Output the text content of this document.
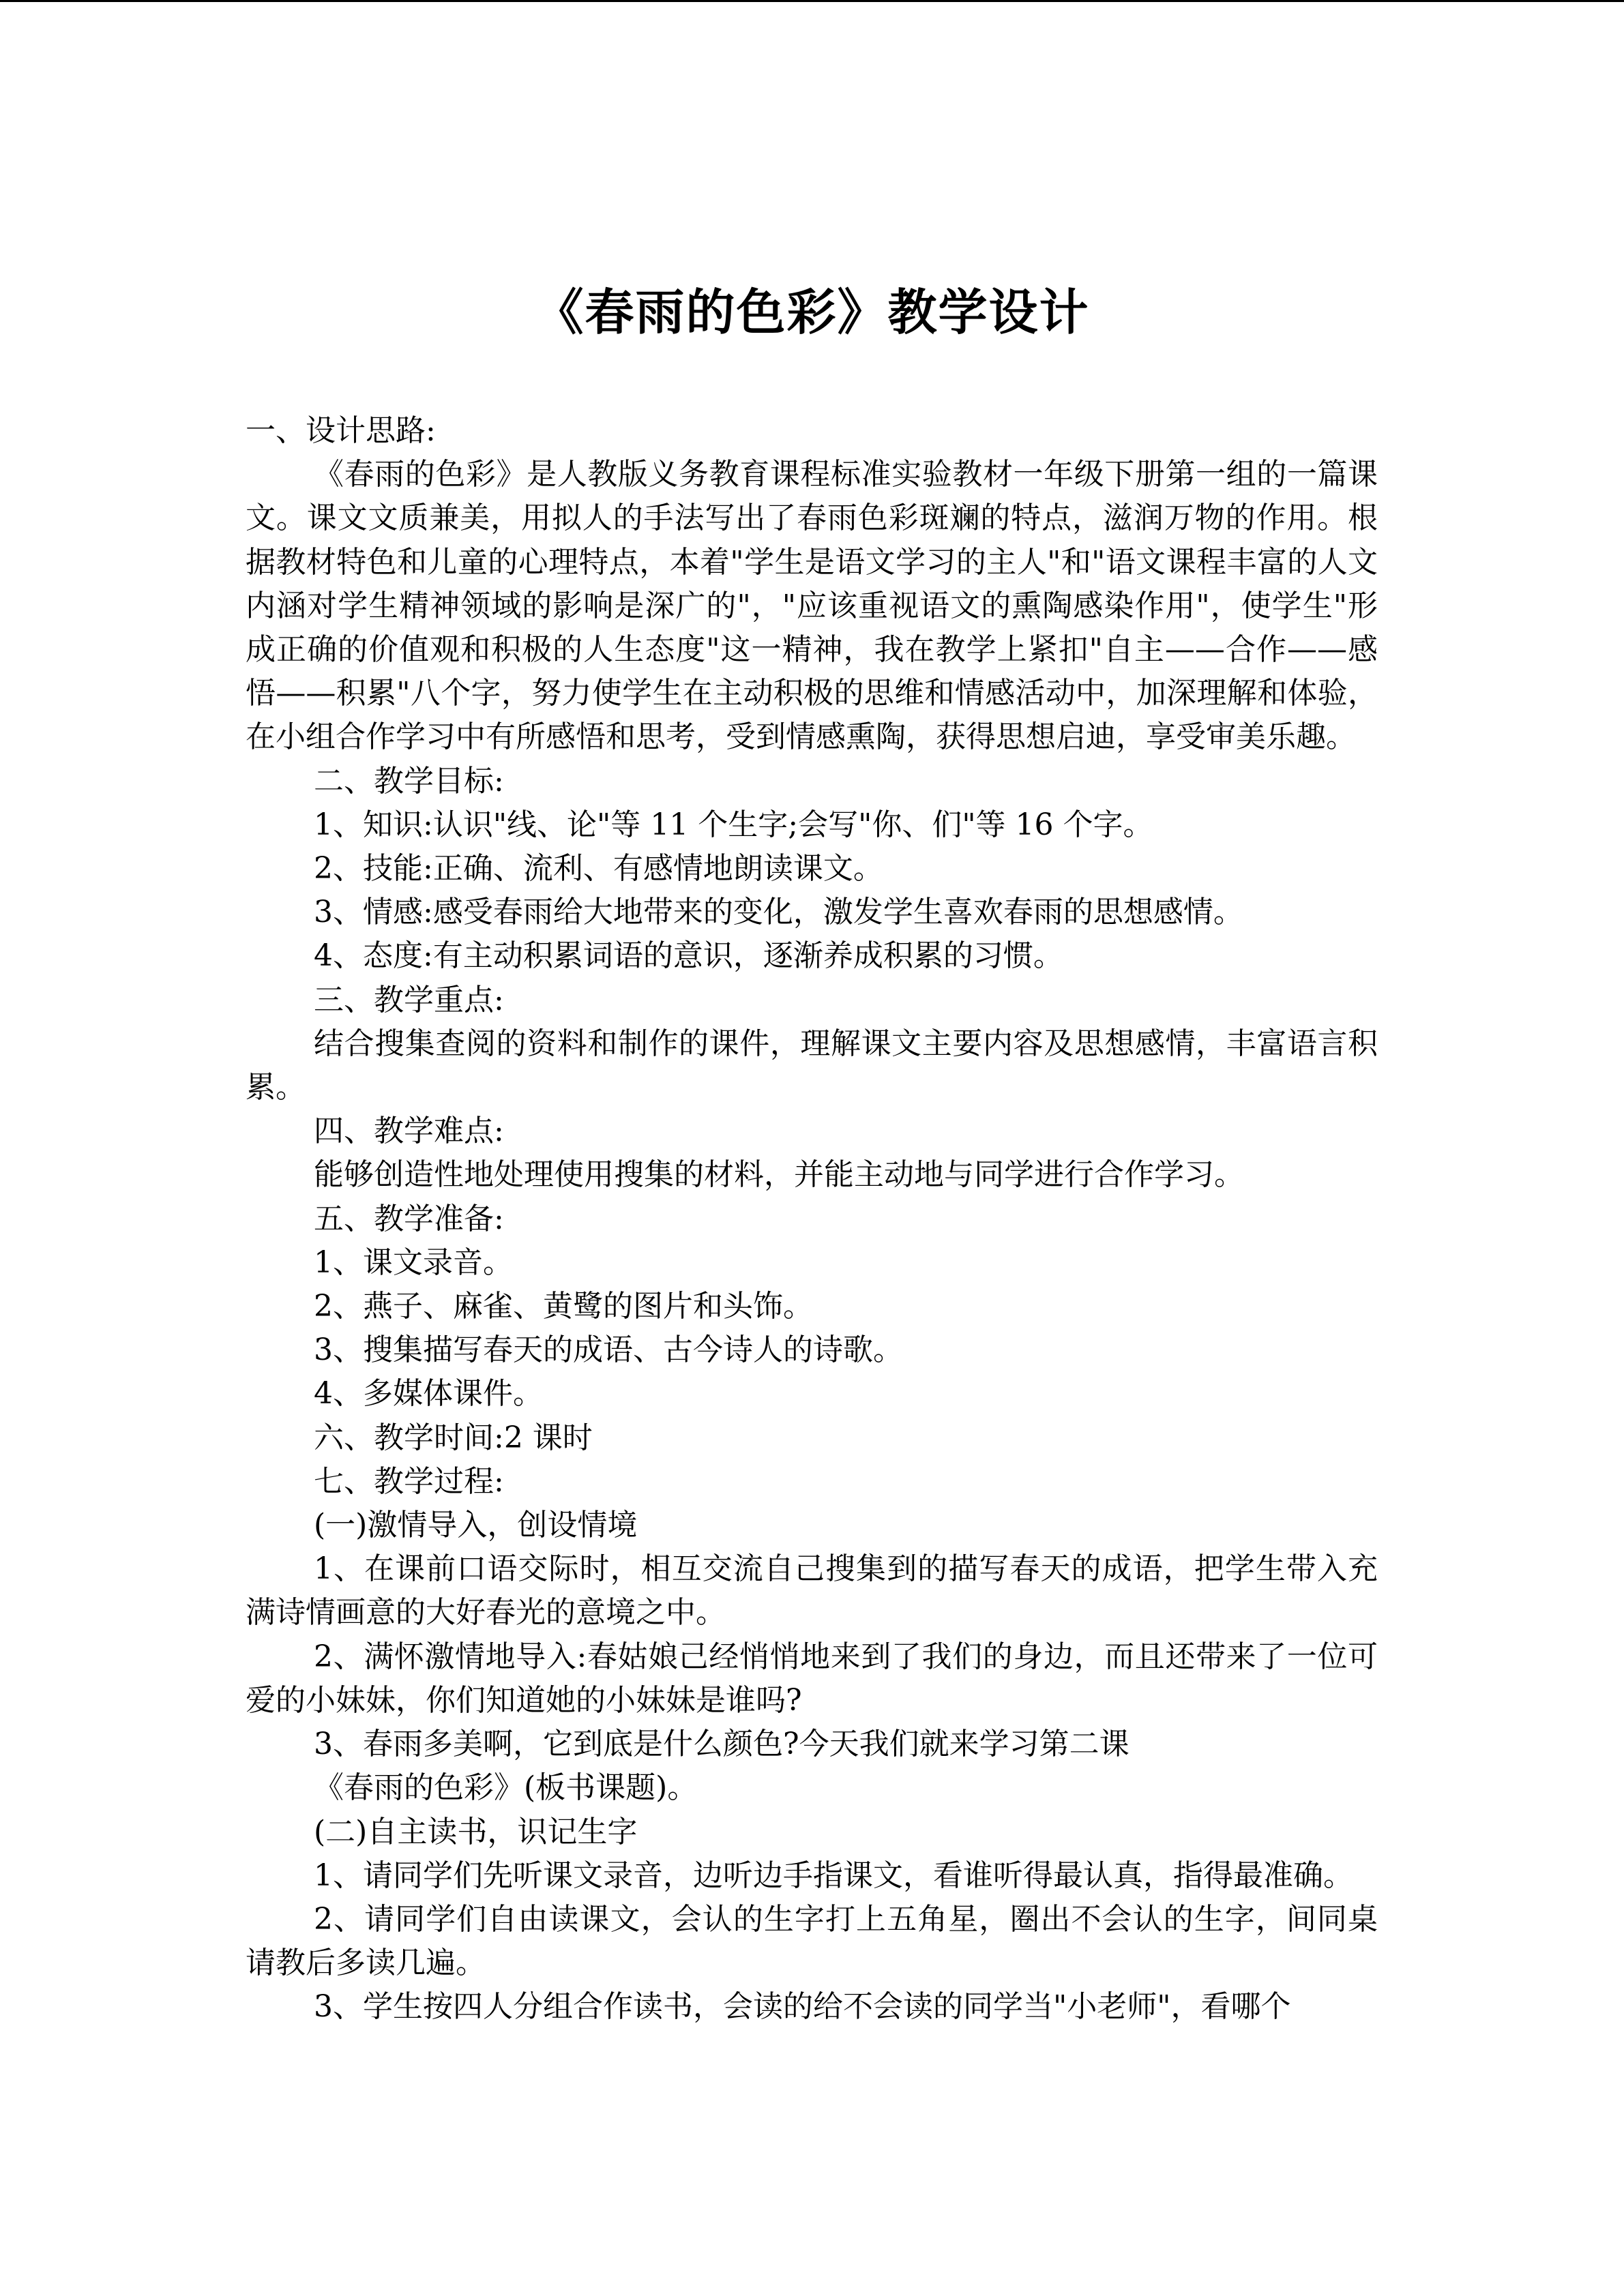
《春雨的色彩》教学设计

一、设计思路:

《春雨的色彩》是人教版义务教育课程标准实验教材一年级下册第一组的一篇课文。课文文质兼美，用拟人的手法写出了春雨色彩斑斓的特点，滋润万物的作用。根据教材特色和儿童的心理特点，本着"学生是语文学习的主人"和"语文课程丰富的人文内涵对学生精神领域的影响是深广的"，"应该重视语文的熏陶感染作用"，使学生"形成正确的价值观和积极的人生态度"这一精神，我在教学上紧扣"自主——合作——感悟——积累"八个字，努力使学生在主动积极的思维和情感活动中，加深理解和体验，在小组合作学习中有所感悟和思考，受到情感熏陶，获得思想启迪，享受审美乐趣。

二、教学目标:

1、知识:认识"线、论"等 11 个生字;会写"你、们"等 16 个字。

2、技能:正确、流利、有感情地朗读课文。

3、情感:感受春雨给大地带来的变化，激发学生喜欢春雨的思想感情。

4、态度:有主动积累词语的意识，逐渐养成积累的习惯。

三、教学重点:

结合搜集查阅的资料和制作的课件，理解课文主要内容及思想感情，丰富语言积累。

四、教学难点:

能够创造性地处理使用搜集的材料，并能主动地与同学进行合作学习。

五、教学准备:

1、课文录音。

2、燕子、麻雀、黄鹭的图片和头饰。

3、搜集描写春天的成语、古今诗人的诗歌。

4、多媒体课件。

六、教学时间:2 课时

七、教学过程:

(一)激情导入，创设情境

1、在课前口语交际时，相互交流自己搜集到的描写春天的成语，把学生带入充满诗情画意的大好春光的意境之中。

2、满怀激情地导入:春姑娘己经悄悄地来到了我们的身边，而且还带来了一位可爱的小妹妹，你们知道她的小妹妹是谁吗?

3、春雨多美啊，它到底是什么颜色?今天我们就来学习第二课

《春雨的色彩》(板书课题)。

(二)自主读书，识记生字

1、请同学们先听课文录音，边听边手指课文，看谁听得最认真，指得最准确。

2、请同学们自由读课文，会认的生字打上五角星，圈出不会认的生字，间同桌请教后多读几遍。

3、学生按四人分组合作读书，会读的给不会读的同学当"小老师"，看哪个
